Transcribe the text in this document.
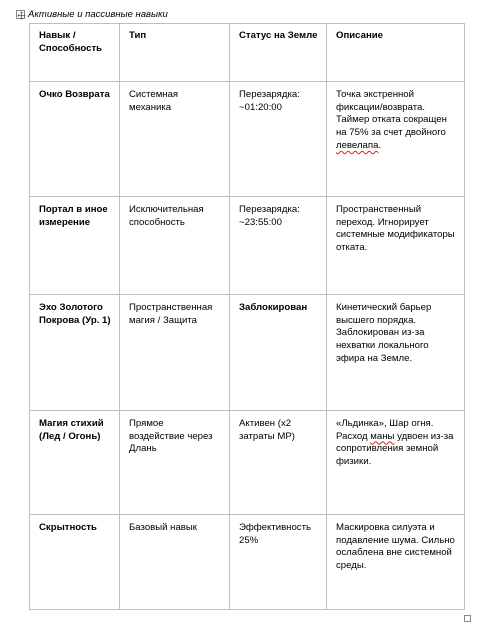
Активные и пассивные навыки
Навык / Способность	Тип	Статус на Земле	Описание
Очко Возврата	Системная механика	Перезарядка: ~01:20:00	Точка экстренной фиксации/возврата. Таймер отката сокращен на 75% за счет двойного левелапа.
Портал в иное измерение	Исключительная способность	Перезарядка: ~23:55:00	Пространственный переход. Игнорирует системные модификаторы отката.
Эхо Золотого Покрова (Ур. 1)	Пространственная магия / Защита	Заблокирован	Кинетический барьер высшего порядка. Заблокирован из-за нехватки локального эфира на Земле.
Магия стихий (Лед / Огонь)	Прямое воздействие через Длань	Активен (х2 затраты МР)	«Льдинка», Шар огня. Расход маны удвоен из-за сопротивления земной физики.
Скрытность	Базовый навык	Эффективность 25%	Маскировка силуэта и подавление шума. Сильно ослаблена вне системной среды.
